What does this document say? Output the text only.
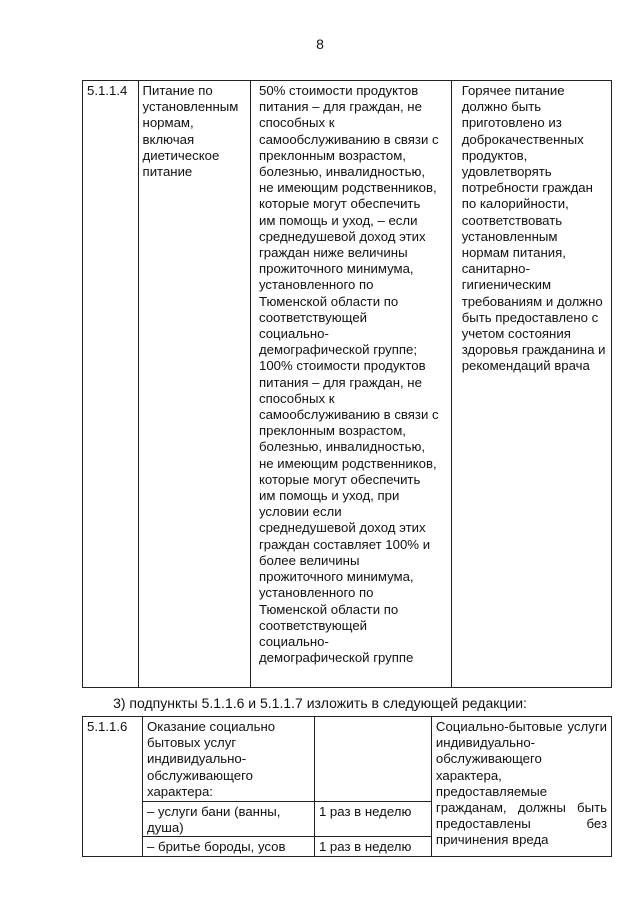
8
5.1.1.4	Питание по установленным нормам, включая диетическое питание	50% стоимости продуктов питания – для граждан, не способных к самообслуживанию в связи с преклонным возрастом, болезнью, инвалидностью, не имеющим родственников, которые могут обеспечить им помощь и уход, – если среднедушевой доход этих граждан ниже величины прожиточного минимума, установленного по Тюменской области по соответствующей социально-демографической группе; 100% стоимости продуктов питания – для граждан, не способных к самообслуживанию в связи с преклонным возрастом, болезнью, инвалидностью, не имеющим родственников, которые могут обеспечить им помощь и уход, при условии если среднедушевой доход этих граждан составляет 100% и более величины прожиточного минимума, установленного по Тюменской области по соответствующей социально-демографической группе	Горячее питание должно быть приготовлено из доброкачественных продуктов, удовлетворять потребности граждан по калорийности, соответствовать установленным нормам питания, санитарно-гигиеническим требованиям и должно быть предоставлено с учетом состояния здоровья гражданина и рекомендаций врача
3) подпункты 5.1.1.6 и 5.1.1.7 изложить в следующей редакции:
5.1.1.6	Оказание социально бытовых услуг индивидуально-обслуживающего характера:		Социально-бытовые услуги индивидуально-обслуживающего характера, предоставляемые гражданам, должны быть предоставлены без причинения вреда
	– услуги бани (ванны, душа)	1 раз в неделю	
	– бритье бороды, усов	1 раз в неделю	
